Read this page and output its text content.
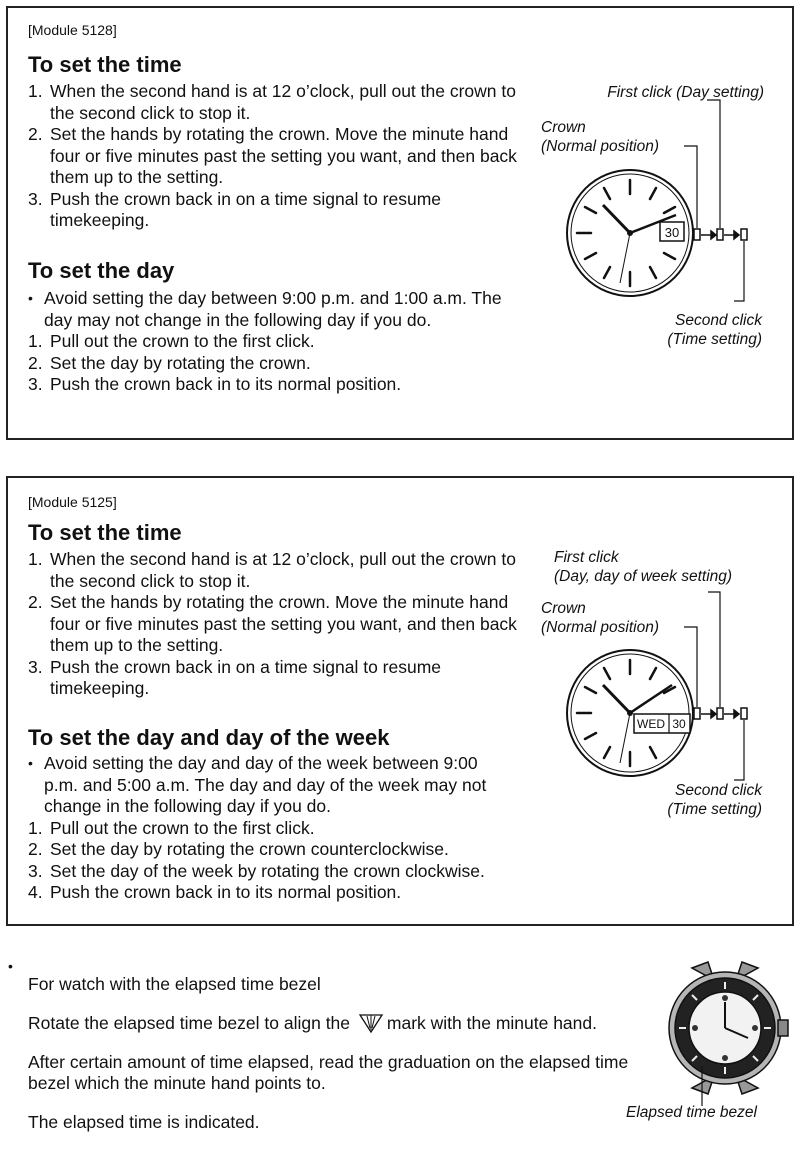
[Module 5128]
To set the time
1. When the second hand is at 12 o’clock, pull out the crown to the second click to stop it.
2. Set the hands by rotating the crown. Move the minute hand four or five minutes past the setting you want, and then back them up to the setting.
3. Push the crown back in on a time signal to resume timekeeping.
To set the day
• Avoid setting the day between 9:00 p.m. and 1:00 a.m. The day may not change in the following day if you do.
1. Pull out the crown to the first click.
2. Set the day by rotating the crown.
3. Push the crown back in to its normal position.
First click (Day setting)
Crown
(Normal position)
Second click
(Time setting)
30
[Module 5125]
To set the time
1. When the second hand is at 12 o’clock, pull out the crown to the second click to stop it.
2. Set the hands by rotating the crown. Move the minute hand four or five minutes past the setting you want, and then back them up to the setting.
3. Push the crown back in on a time signal to resume timekeeping.
To set the day and day of the week
• Avoid setting the day and day of the week between 9:00 p.m. and 5:00 a.m. The day and day of the week may not change in the following day if you do.
1. Pull out the crown to the first click.
2. Set the day by rotating the crown counterclockwise.
3. Set the day of the week by rotating the crown clockwise.
4. Push the crown back in to its normal position.
First click
(Day, day of week setting)
Crown
(Normal position)
Second click
(Time setting)
WED 30
•

For watch with the elapsed time bezel

Rotate the elapsed time bezel to align the mark with the minute hand.

After certain amount of time elapsed, read the graduation on the elapsed time bezel which the minute hand points to.

The elapsed time is indicated.	Elapsed time bezel
